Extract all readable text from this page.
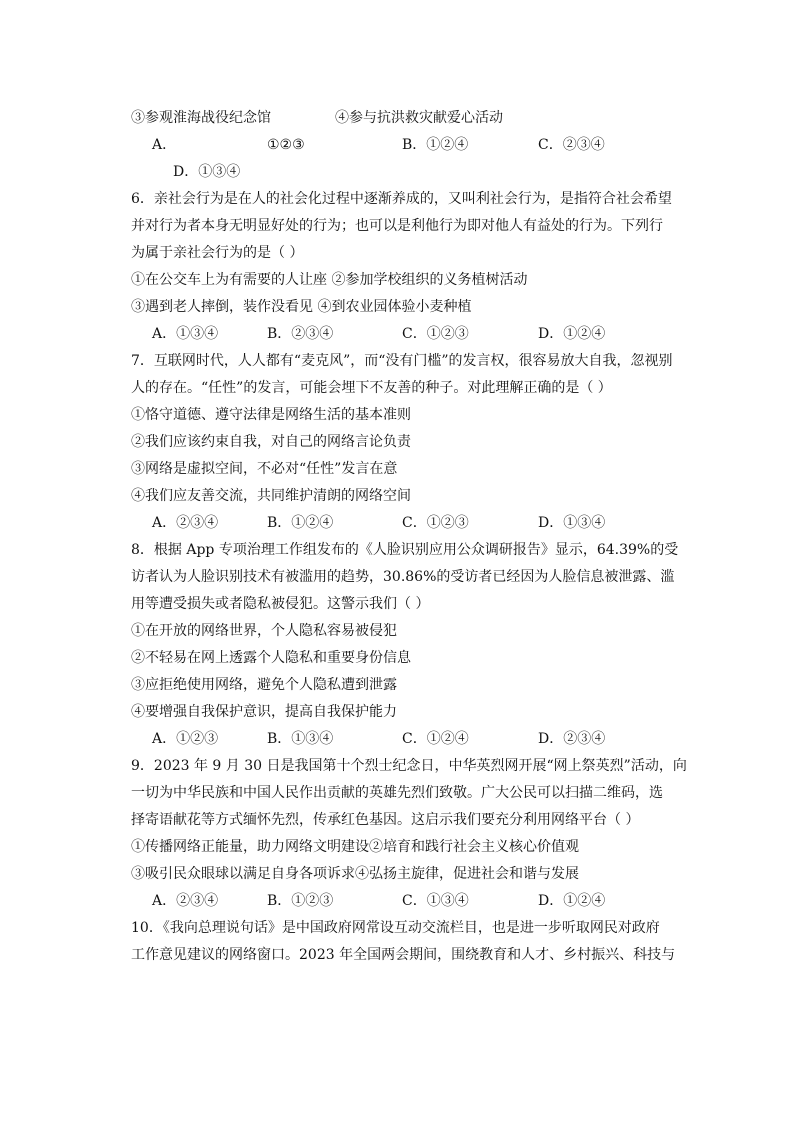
③参观淮海战役纪念馆	④参与抗洪救灾献爱心活动
A．	①②③	B．①②④	C．②③④
D．①③④
6．亲社会行为是在人的社会化过程中逐渐养成的，又叫利社会行为，是指符合社会希望
并对行为者本身无明显好处的行为；也可以是利他行为即对他人有益处的行为。下列行
为属于亲社会行为的是（ ）
①在公交车上为有需要的人让座 ②参加学校组织的义务植树活动
③遇到老人摔倒，装作没看见 ④到农业园体验小麦种植
A．①③④	B．②③④	C．①②③	D．①②④
7．互联网时代，人人都有“麦克风”，而“没有门槛”的发言权，很容易放大自我，忽视别
人的存在。“任性”的发言，可能会埋下不友善的种子。对此理解正确的是（ ）
①恪守道德、遵守法律是网络生活的基本准则
②我们应该约束自我，对自己的网络言论负责
③网络是虚拟空间，不必对“任性”发言在意
④我们应友善交流，共同维护清朗的网络空间
A．②③④	B．①②④	C．①②③	D．①③④
8．根据 App 专项治理工作组发布的《人脸识别应用公众调研报告》显示，64.39%的受
访者认为人脸识别技术有被滥用的趋势，30.86%的受访者已经因为人脸信息被泄露、滥
用等遭受损失或者隐私被侵犯。这警示我们（ ）
①在开放的网络世界，个人隐私容易被侵犯
②不轻易在网上透露个人隐私和重要身份信息
③应拒绝使用网络，避免个人隐私遭到泄露
④要增强自我保护意识，提高自我保护能力
A．①②③	B．①③④	C．①②④	D．②③④
9．2023 年 9 月 30 日是我国第十个烈士纪念日，中华英烈网开展“网上祭英烈”活动，向
一切为中华民族和中国人民作出贡献的英雄先烈们致敬。广大公民可以扫描二维码，选
择寄语献花等方式缅怀先烈，传承红色基因。这启示我们要充分利用网络平台（ ）
①传播网络正能量，助力网络文明建设②培育和践行社会主义核心价值观
③吸引民众眼球以满足自身各项诉求④弘扬主旋律，促进社会和谐与发展
A．②③④	B．①②③	C．①③④	D．①②④
10．《我向总理说句话》是中国政府网常设互动交流栏目，也是进一步听取网民对政府
工作意见建议的网络窗口。2023 年全国两会期间，围绕教育和人才、乡村振兴、科技与
